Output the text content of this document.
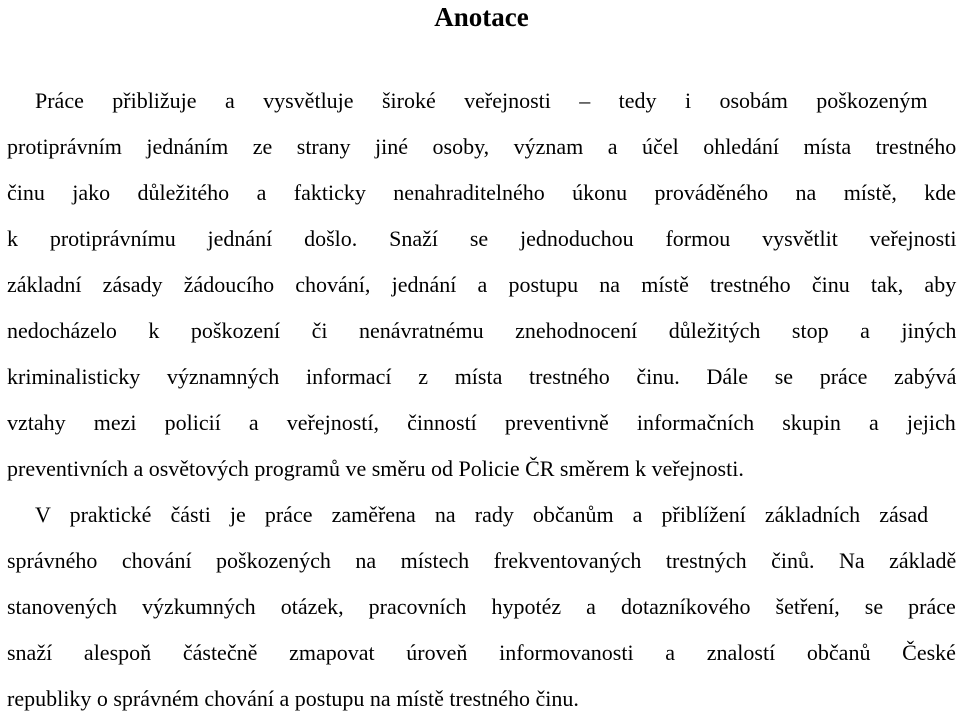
Anotace
Práce přibližuje a vysvětluje široké veřejnosti – tedy i osobám poškozeným
protiprávním jednáním ze strany jiné osoby, význam a účel ohledání místa trestného
činu jako důležitého a fakticky nenahraditelného úkonu prováděného na místě, kde
k protiprávnímu jednání došlo. Snaží se jednoduchou formou vysvětlit veřejnosti
základní zásady žádoucího chování, jednání a postupu na místě trestného činu tak, aby
nedocházelo k poškození či nenávratnému znehodnocení důležitých stop a jiných
kriminalisticky významných informací z místa trestného činu. Dále se práce zabývá
vztahy mezi policií a veřejností, činností preventivně informačních skupin a jejich
preventivních a osvětových programů ve směru od Policie ČR směrem k veřejnosti.
V praktické části je práce zaměřena na rady občanům a přiblížení základních zásad
správného chování poškozených na místech frekventovaných trestných činů. Na základě
stanovených výzkumných otázek, pracovních hypotéz a dotazníkového šetření, se práce
snaží alespoň částečně zmapovat úroveň informovanosti a znalostí občanů České
republiky o správném chování a postupu na místě trestného činu.
